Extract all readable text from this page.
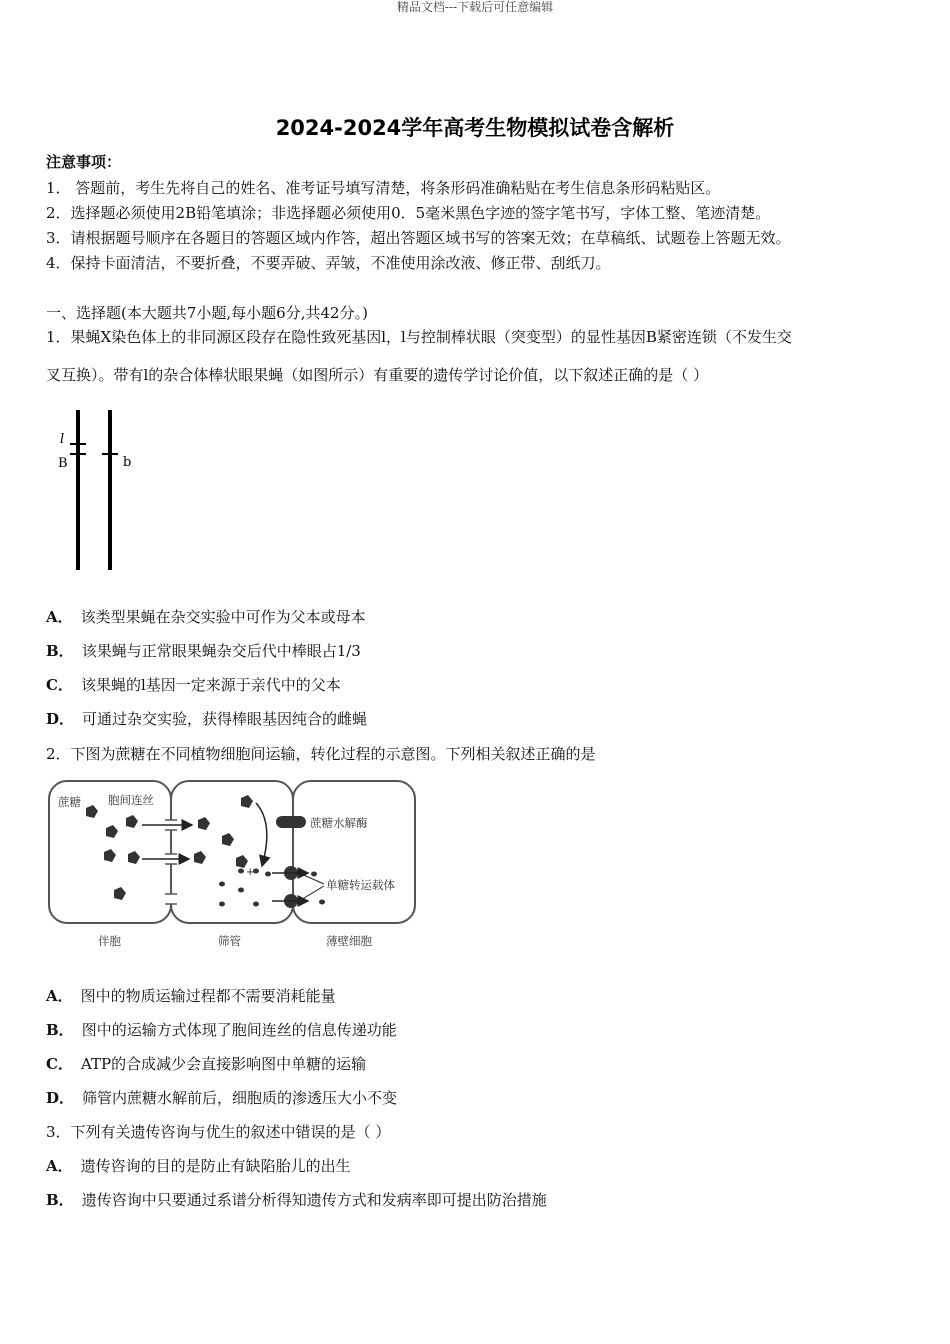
精品文档---下载后可任意编辑
2024-2024学年高考生物模拟试卷含解析
注意事项：
1． 答题前，考生先将自己的姓名、准考证号填写清楚，将条形码准确粘贴在考生信息条形码粘贴区。
2．选择题必须使用2B铅笔填涂；非选择题必须使用0．5毫米黑色字迹的签字笔书写，字体工整、笔迹清楚。
3．请根据题号顺序在各题目的答题区域内作答，超出答题区域书写的答案无效；在草稿纸、试题卷上答题无效。
4．保持卡面清洁，不要折叠，不要弄破、弄皱，不准使用涂改液、修正带、刮纸刀。
一、选择题(本大题共7小题,每小题6分,共42分。)
1．果蝇X染色体上的非同源区段存在隐性致死基因l，l与控制棒状眼（突变型）的显性基因B紧密连锁（不发生交
叉互换）。带有l的杂合体棒状眼果蝇（如图所示）有重要的遗传学讨论价值，以下叙述正确的是（ ）
l
B	b
A． 该类型果蝇在杂交实验中可作为父本或母本
B． 该果蝇与正常眼果蝇杂交后代中棒眼占1/3
C． 该果蝇的l基因一定来源于亲代中的父本
D． 可通过杂交实验，获得棒眼基因纯合的雌蝇
2．下图为蔗糖在不同植物细胞间运输，转化过程的示意图。下列相关叙述正确的是
+
蔗糖 胞间连丝
蔗糖水解酶
单糖转运载体
伴胞	筛管	薄壁细胞
A． 图中的物质运输过程都不需要消耗能量
B． 图中的运输方式体现了胞间连丝的信息传递功能
C． ATP的合成减少会直接影响图中单糖的运输
D． 筛管内蔗糖水解前后，细胞质的渗透压大小不变
3．下列有关遗传咨询与优生的叙述中错误的是（ ）
A． 遗传咨询的目的是防止有缺陷胎儿的出生
B． 遗传咨询中只要通过系谱分析得知遗传方式和发病率即可提出防治措施
